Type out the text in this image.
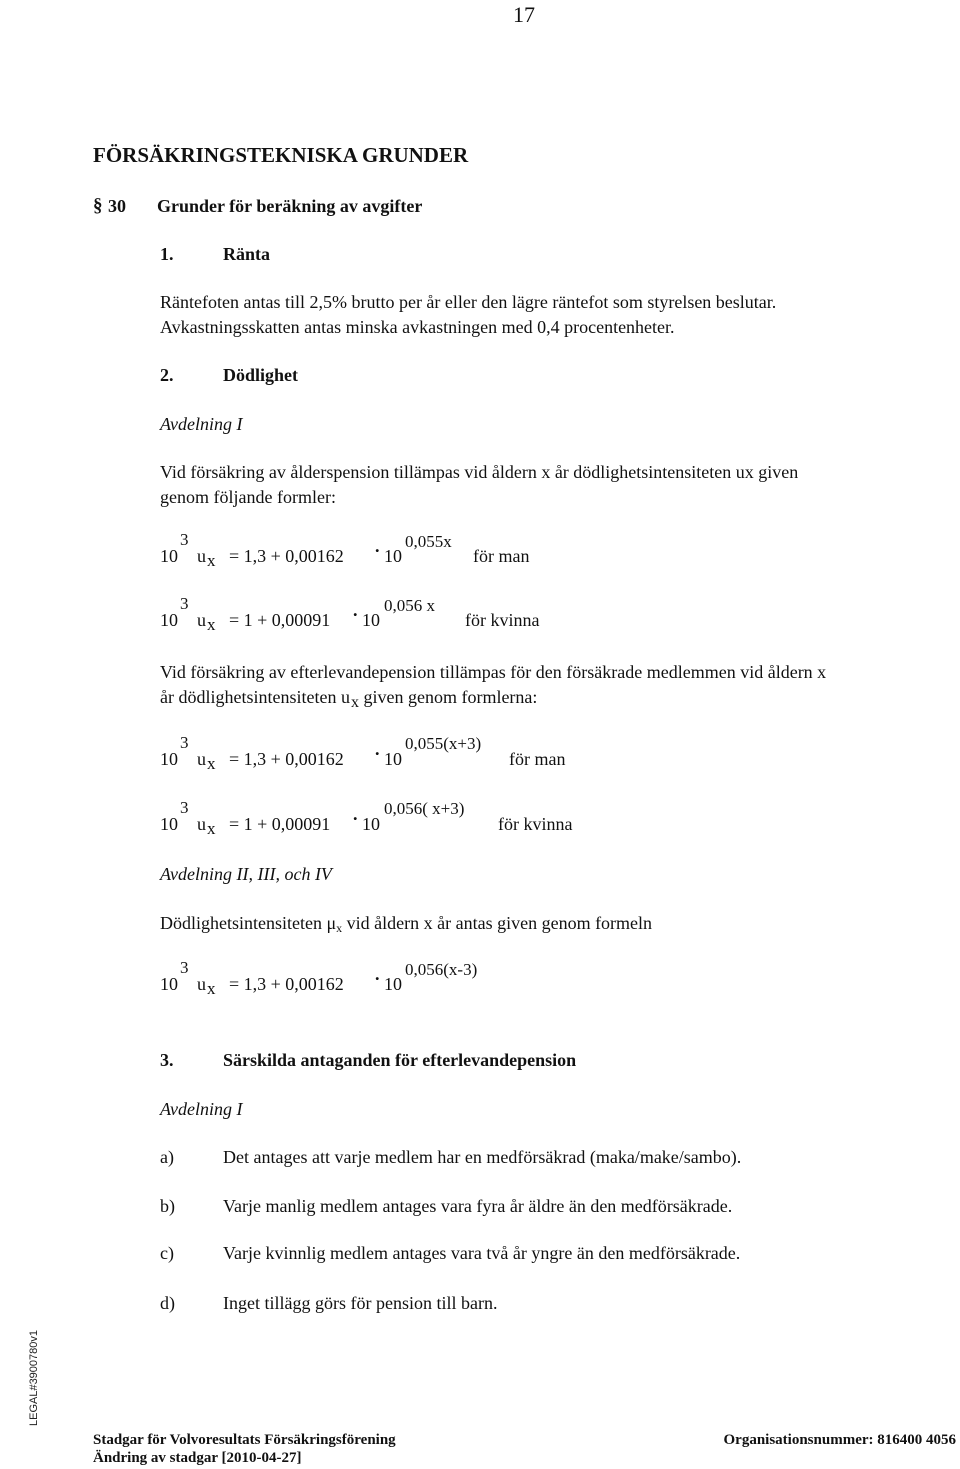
17
FÖRSÄKRINGSTEKNISKA GRUNDER
§ 30 Grunder för beräkning av avgifter
1.	Ränta
Räntefoten antas till 2,5% brutto per år eller den lägre räntefot som styrelsen beslutar.
Avkastningsskatten antas minska avkastningen med 0,4 procentenheter.
2.	Dödlighet
Avdelning I
Vid försäkring av ålderspension tillämpas vid åldern x år dödlighetsintensiteten ux given
genom följande formler:
10
3
u x = 1,3 + 0,00162 . 10
0,055x
för man
10
3
u x = 1 + 0,00091 . 10
0,056 x
för kvinna
Vid försäkring av efterlevandepension tillämpas för den försäkrade medlemmen vid åldern x
år dödlighetsintensiteten ux given genom formlerna:
10
3
u x = 1,3 + 0,00162 . 10
0,055(x+3)
för man
10
3
u x = 1 + 0,00091 . 10
0,056( x+3)
för kvinna
Avdelning II, III, och IV
Dödlighetsintensiteten μx vid åldern x år antas given genom formeln
10
3
u x = 1,3 + 0,00162 . 10
0,056(x-3)
3.	Särskilda antaganden för efterlevandepension
Avdelning I
a)	Det antages att varje medlem har en medförsäkrad (maka/make/sambo).
b)	Varje manlig medlem antages vara fyra år äldre än den medförsäkrade.
c)	Varje kvinnlig medlem antages vara två år yngre än den medförsäkrade.
d)	Inget tillägg görs för pension till barn.
LEGAL#3900780v1
Stadgar för Volvoresultats Försäkringsförening
Ändring av stadgar [2010-04-27]
Organisationsnummer: 816400 4056
